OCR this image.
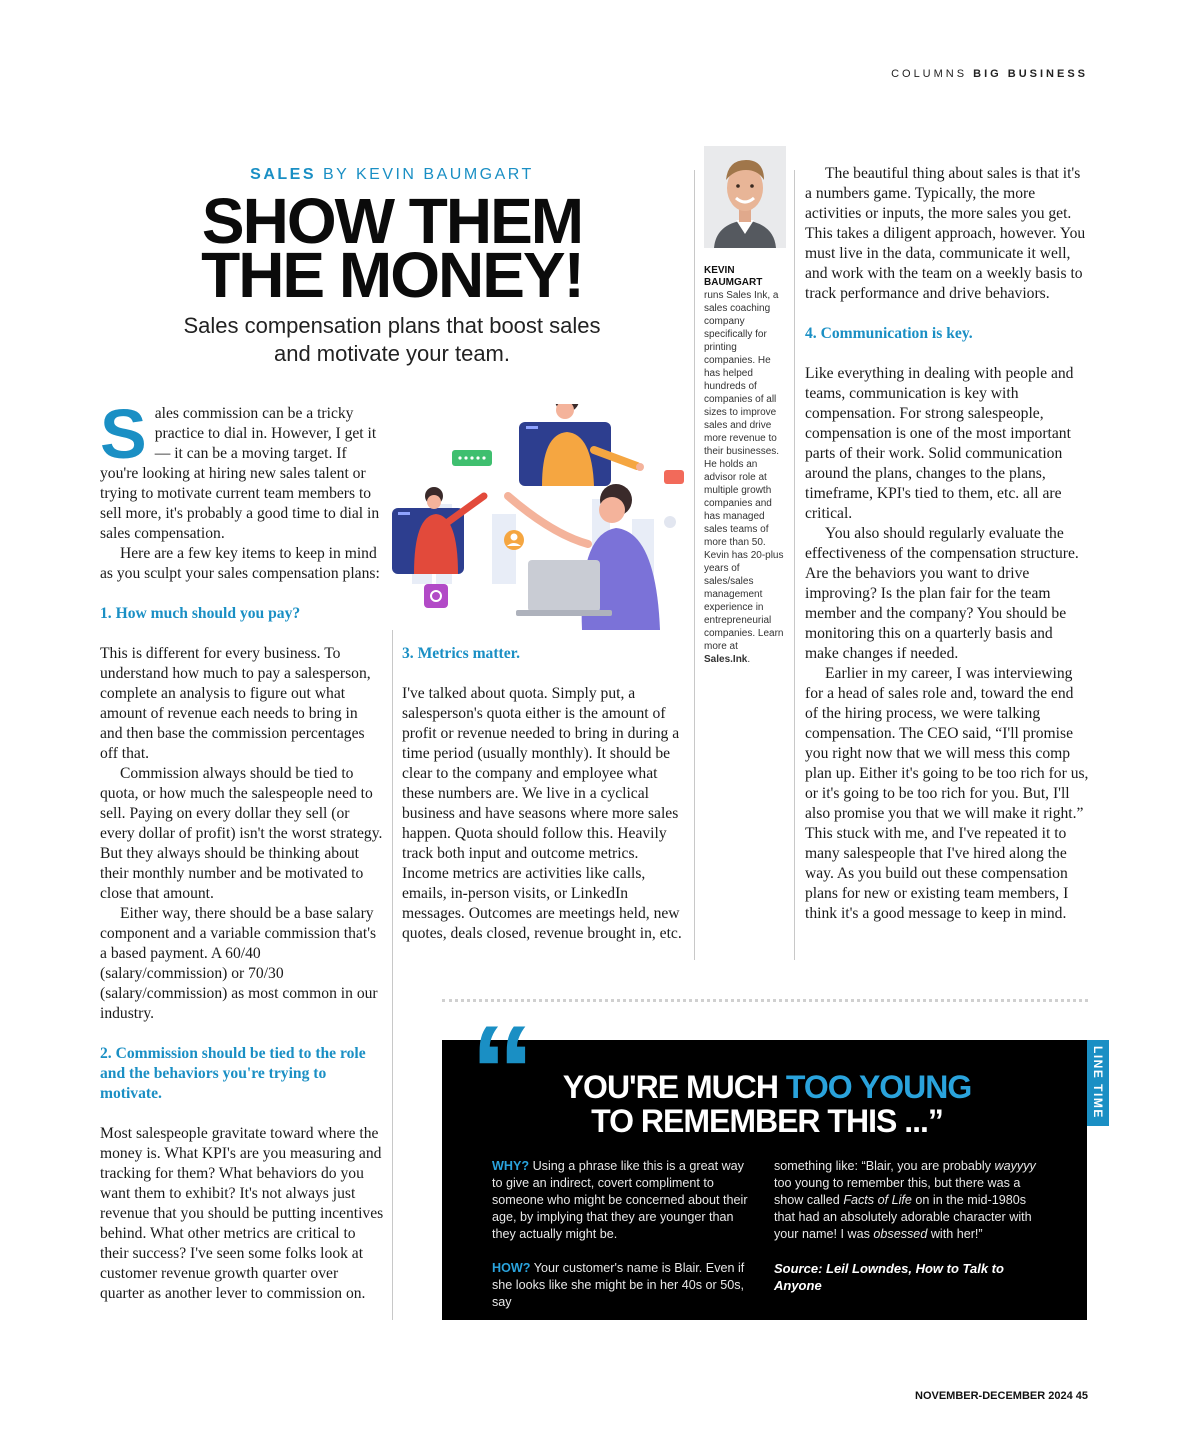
COLUMNS BIG BUSINESS
SALES BY KEVIN BAUMGART
SHOW THEM
THE MONEY!
Sales compensation plans that boost sales
and motivate your team.

Sales commission can be a tricky practice to dial in. However, I get it — it can be a moving target. If you're looking at hiring new sales talent or trying to motivate current team members to sell more, it's probably a good time to dial in sales compensation.

Here are a few key items to keep in mind as you sculpt your sales compensation plans:

1. How much should you pay?

This is different for every business. To understand how much to pay a salesperson, complete an analysis to figure out what amount of revenue each needs to bring in and then base the commission percentages off that.

Commission always should be tied to quota, or how much the salespeople need to sell. Paying on every dollar they sell (or every dollar of profit) isn't the worst strategy. But they always should be thinking about their monthly number and be motivated to close that amount.

Either way, there should be a base salary component and a variable commission that's a based payment. A 60/40 (salary/commission) or 70/30 (salary/commission) as most common in our industry.

2. Commission should be tied to the role and the behaviors you're trying to motivate.

Most salespeople gravitate toward where the money is. What KPI's are you measuring and tracking for them? What behaviors do you want them to exhibit? It's not always just revenue that you should be putting incentives behind. What other metrics are critical to their success? I've seen some folks look at customer revenue growth quarter over quarter as another lever to commission on.

3. Metrics matter.

I've talked about quota. Simply put, a salesperson's quota either is the amount of profit or revenue needed to bring in during a time period (usually monthly). It should be clear to the company and employee what these numbers are. We live in a cyclical business and have seasons where more sales happen. Quota should follow this. Heavily track both input and outcome metrics. Income metrics are activities like calls, emails, in-person visits, or LinkedIn messages. Outcomes are meetings held, new quotes, deals closed, revenue brought in, etc.

KEVIN
BAUMGART
runs Sales Ink, a sales coaching company specifically for printing companies. He has helped hundreds of companies of all sizes to improve sales and drive more revenue to their businesses. He holds an advisor role at multiple growth companies and has managed sales teams of more than 50. Kevin has 20-plus years of sales/sales management experience in entrepreneurial companies. Learn more at Sales.Ink.

The beautiful thing about sales is that it's a numbers game. Typically, the more activities or inputs, the more sales you get. This takes a diligent approach, however. You must live in the data, communicate it well, and work with the team on a weekly basis to track performance and drive behaviors.

4. Communication is key.

Like everything in dealing with people and teams, communication is key with compensation. For strong salespeople, compensation is one of the most important parts of their work. Solid communication around the plans, changes to the plans, timeframe, KPI's tied to them, etc. all are critical.

You also should regularly evaluate the effectiveness of the compensation structure. Are the behaviors you want to drive improving? Is the plan fair for the team member and the company? You should be monitoring this on a quarterly basis and make changes if needed.

Earlier in my career, I was interviewing for a head of sales role and, toward the end of the hiring process, we were talking compensation. The CEO said, “I'll promise you right now that we will mess this comp plan up. Either it's going to be too rich for us, or it's going to be too rich for you. But, I'll also promise you that we will make it right.” This stuck with me, and I've repeated it to many salespeople that I've hired along the way. As you build out these compensation plans for new or existing team members, I think it's a good message to keep in mind.

“ YOU'RE MUCH TOO YOUNG
TO REMEMBER THIS ...”

WHY? Using a phrase like this is a great way to give an indirect, covert compliment to someone who might be concerned about their age, by implying that they are younger than they actually might be.

HOW? Your customer's name is Blair. Even if she looks like she might be in her 40s or 50s, say

something like: “Blair, you are probably wayyyy too young to remember this, but there was a show called Facts of Life on in the mid-1980s that had an absolutely adorable character with your name! I was obsessed with her!”

Source: Leil Lowndes, How to Talk to Anyone

LINE TIME
NOVEMBER-DECEMBER 2024 45
